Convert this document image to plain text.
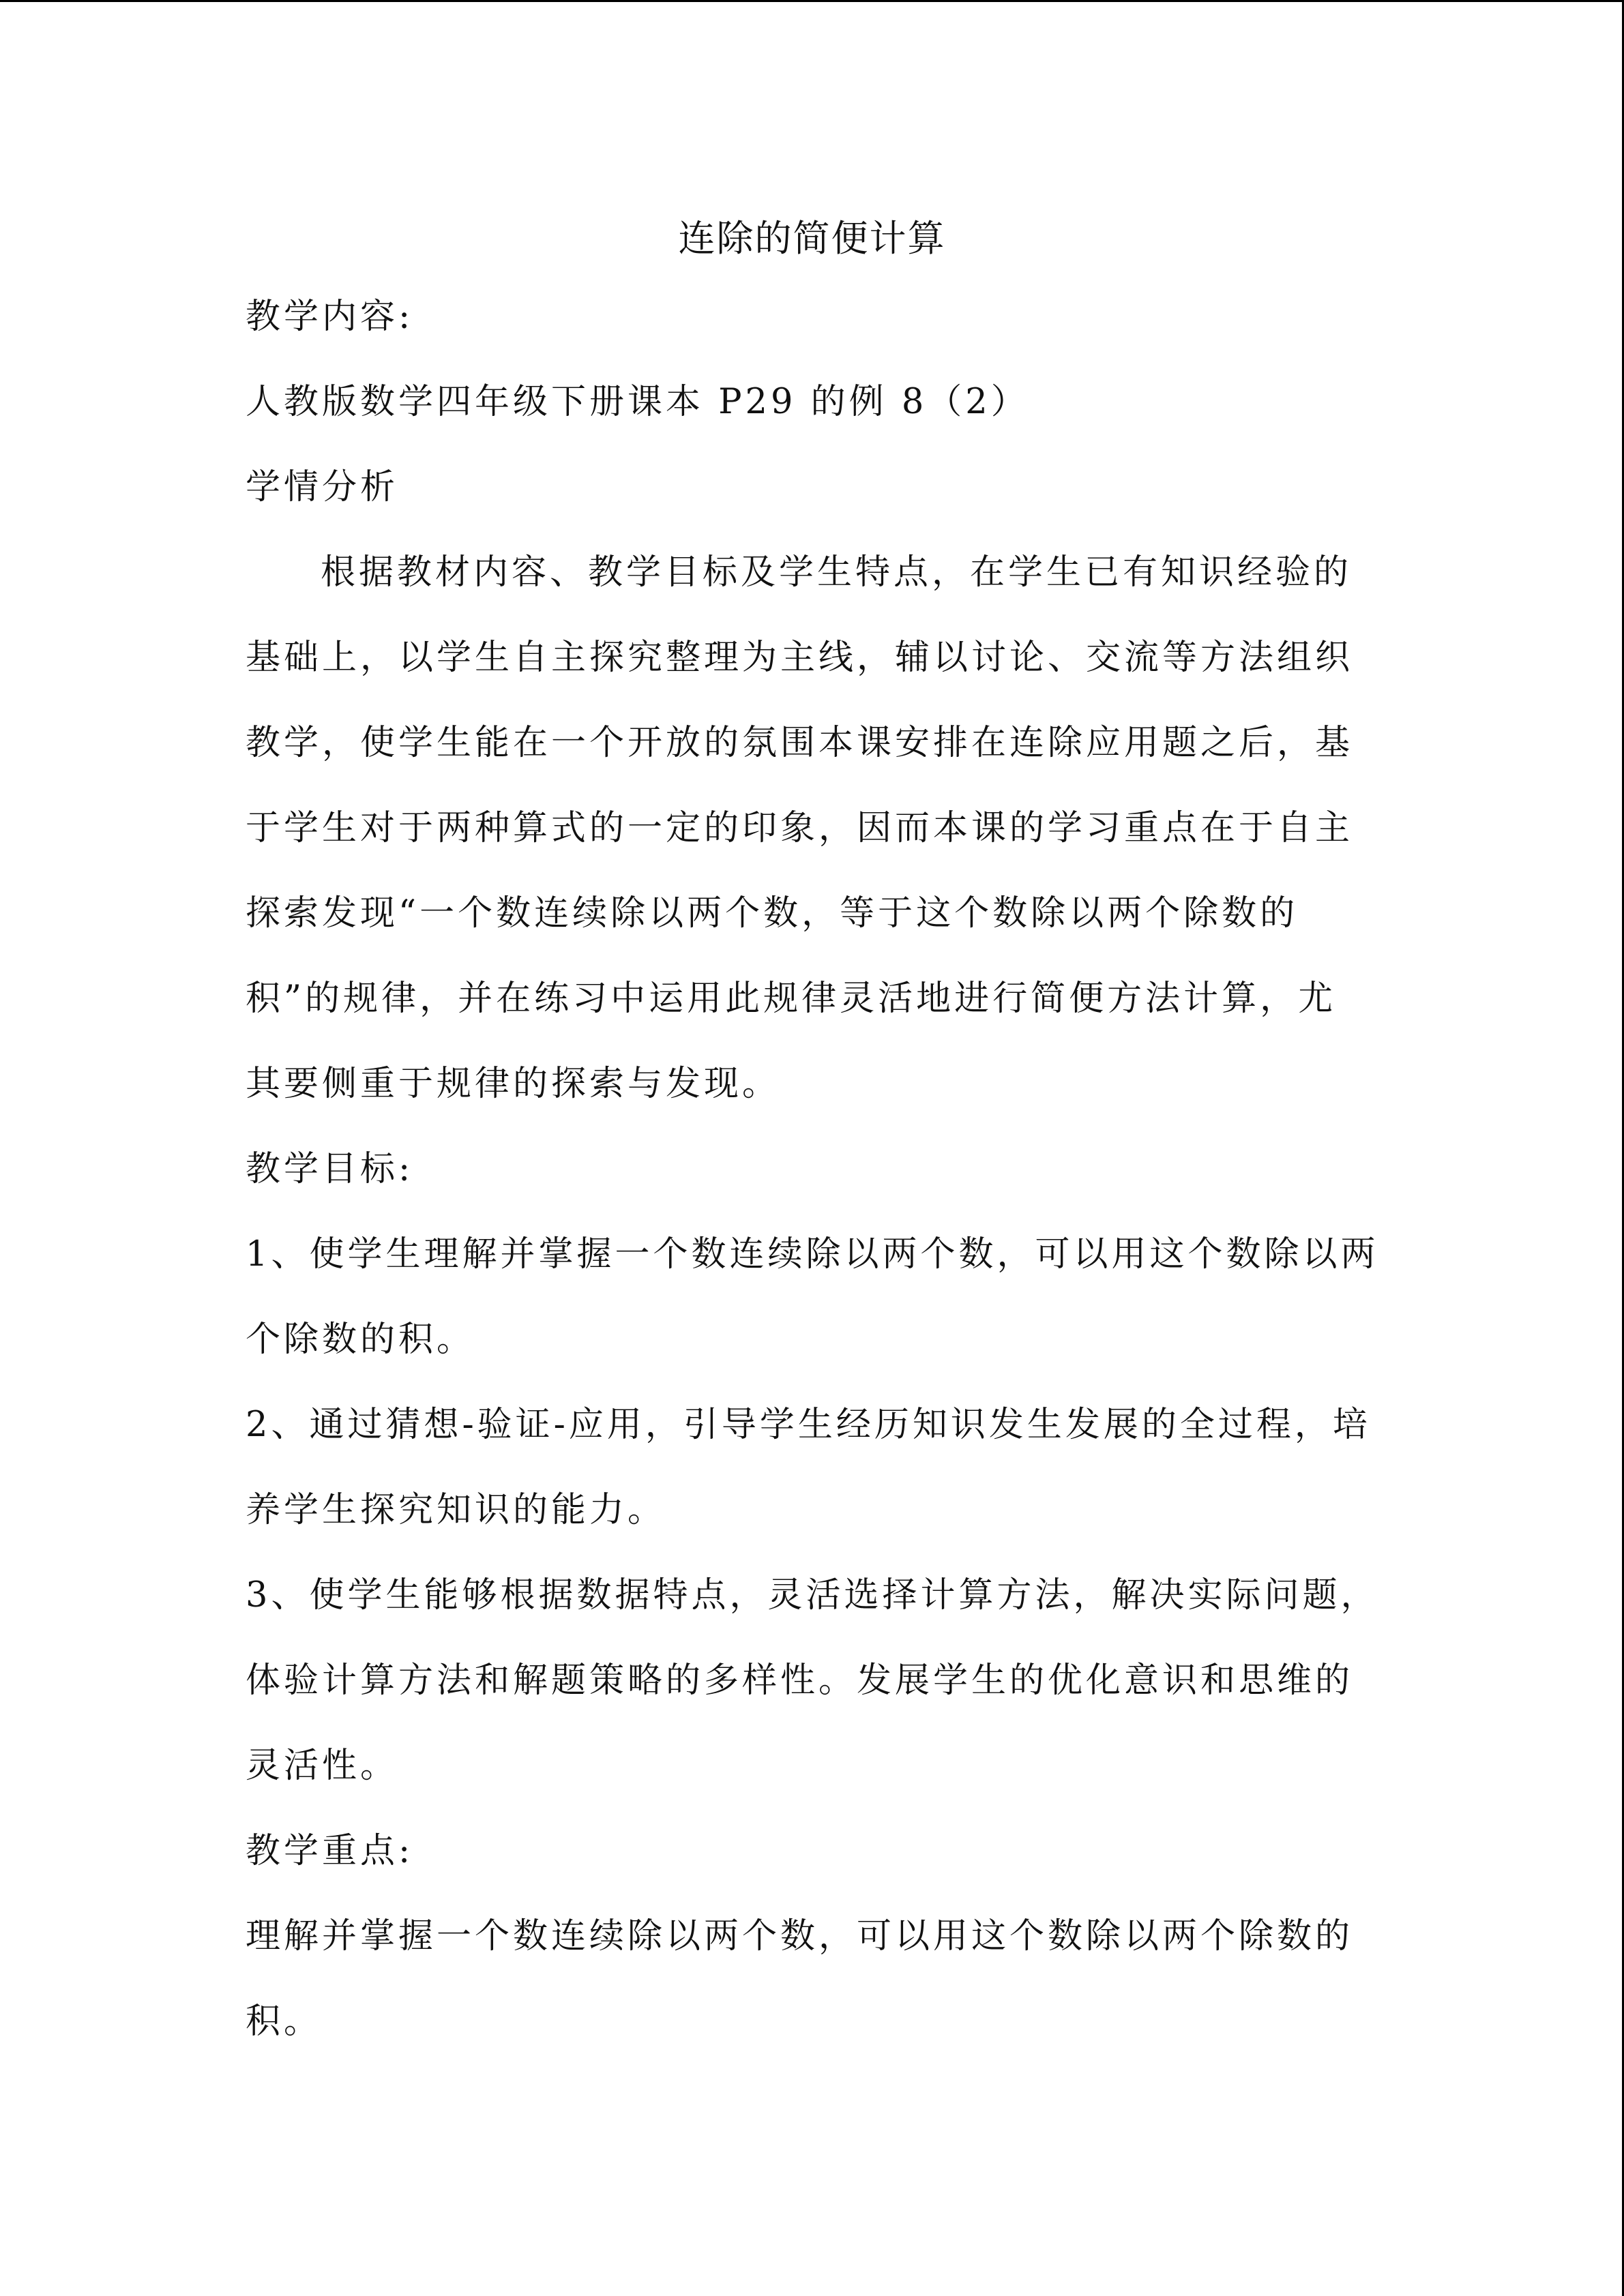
连除的简便计算
教学内容:
人教版数学四年级下册课本 P29 的例 8（2）
学情分析
根据教材内容、教学目标及学生特点，在学生已有知识经验的
基础上，以学生自主探究整理为主线，辅以讨论、交流等方法组织
教学，使学生能在一个开放的氛围本课安排在连除应用题之后，基
于学生对于两种算式的一定的印象，因而本课的学习重点在于自主
探索发现“一个数连续除以两个数，等于这个数除以两个除数的
积”的规律，并在练习中运用此规律灵活地进行简便方法计算，尤
其要侧重于规律的探索与发现。
教学目标:
1、使学生理解并掌握一个数连续除以两个数，可以用这个数除以两
个除数的积。
2、通过猜想-验证-应用，引导学生经历知识发生发展的全过程，培
养学生探究知识的能力。
3、使学生能够根据数据特点，灵活选择计算方法，解决实际问题，
体验计算方法和解题策略的多样性。发展学生的优化意识和思维的
灵活性。
教学重点:
理解并掌握一个数连续除以两个数，可以用这个数除以两个除数的
积。
